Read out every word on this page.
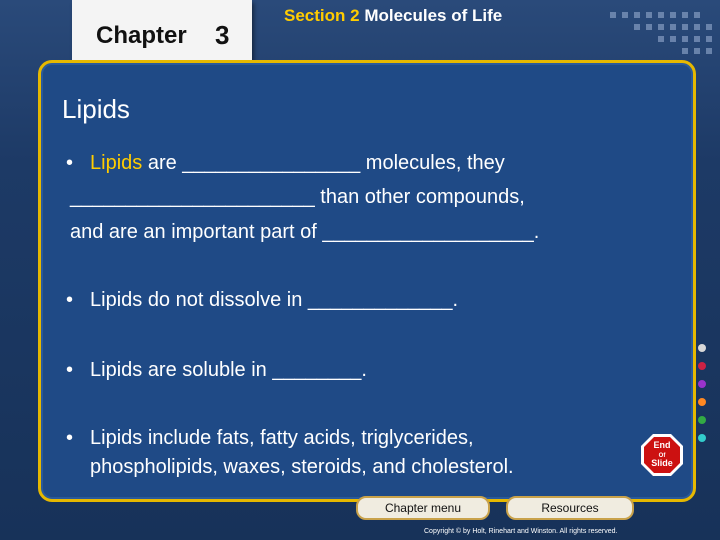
Chapter 3
Section 2 Molecules of Life
Lipids
• Lipids are ________________ molecules, they
______________________ than other compounds,
and are an important part of ___________________.
• Lipids do not dissolve in _____________.
• Lipids are soluble in ________.
• Lipids include fats, fatty acids, triglycerides,
phospholipids, waxes, steroids, and cholesterol.
End
Of
Slide
Chapter menu	Resources
Copyright © by Holt, Rinehart and Winston. All rights reserved.
